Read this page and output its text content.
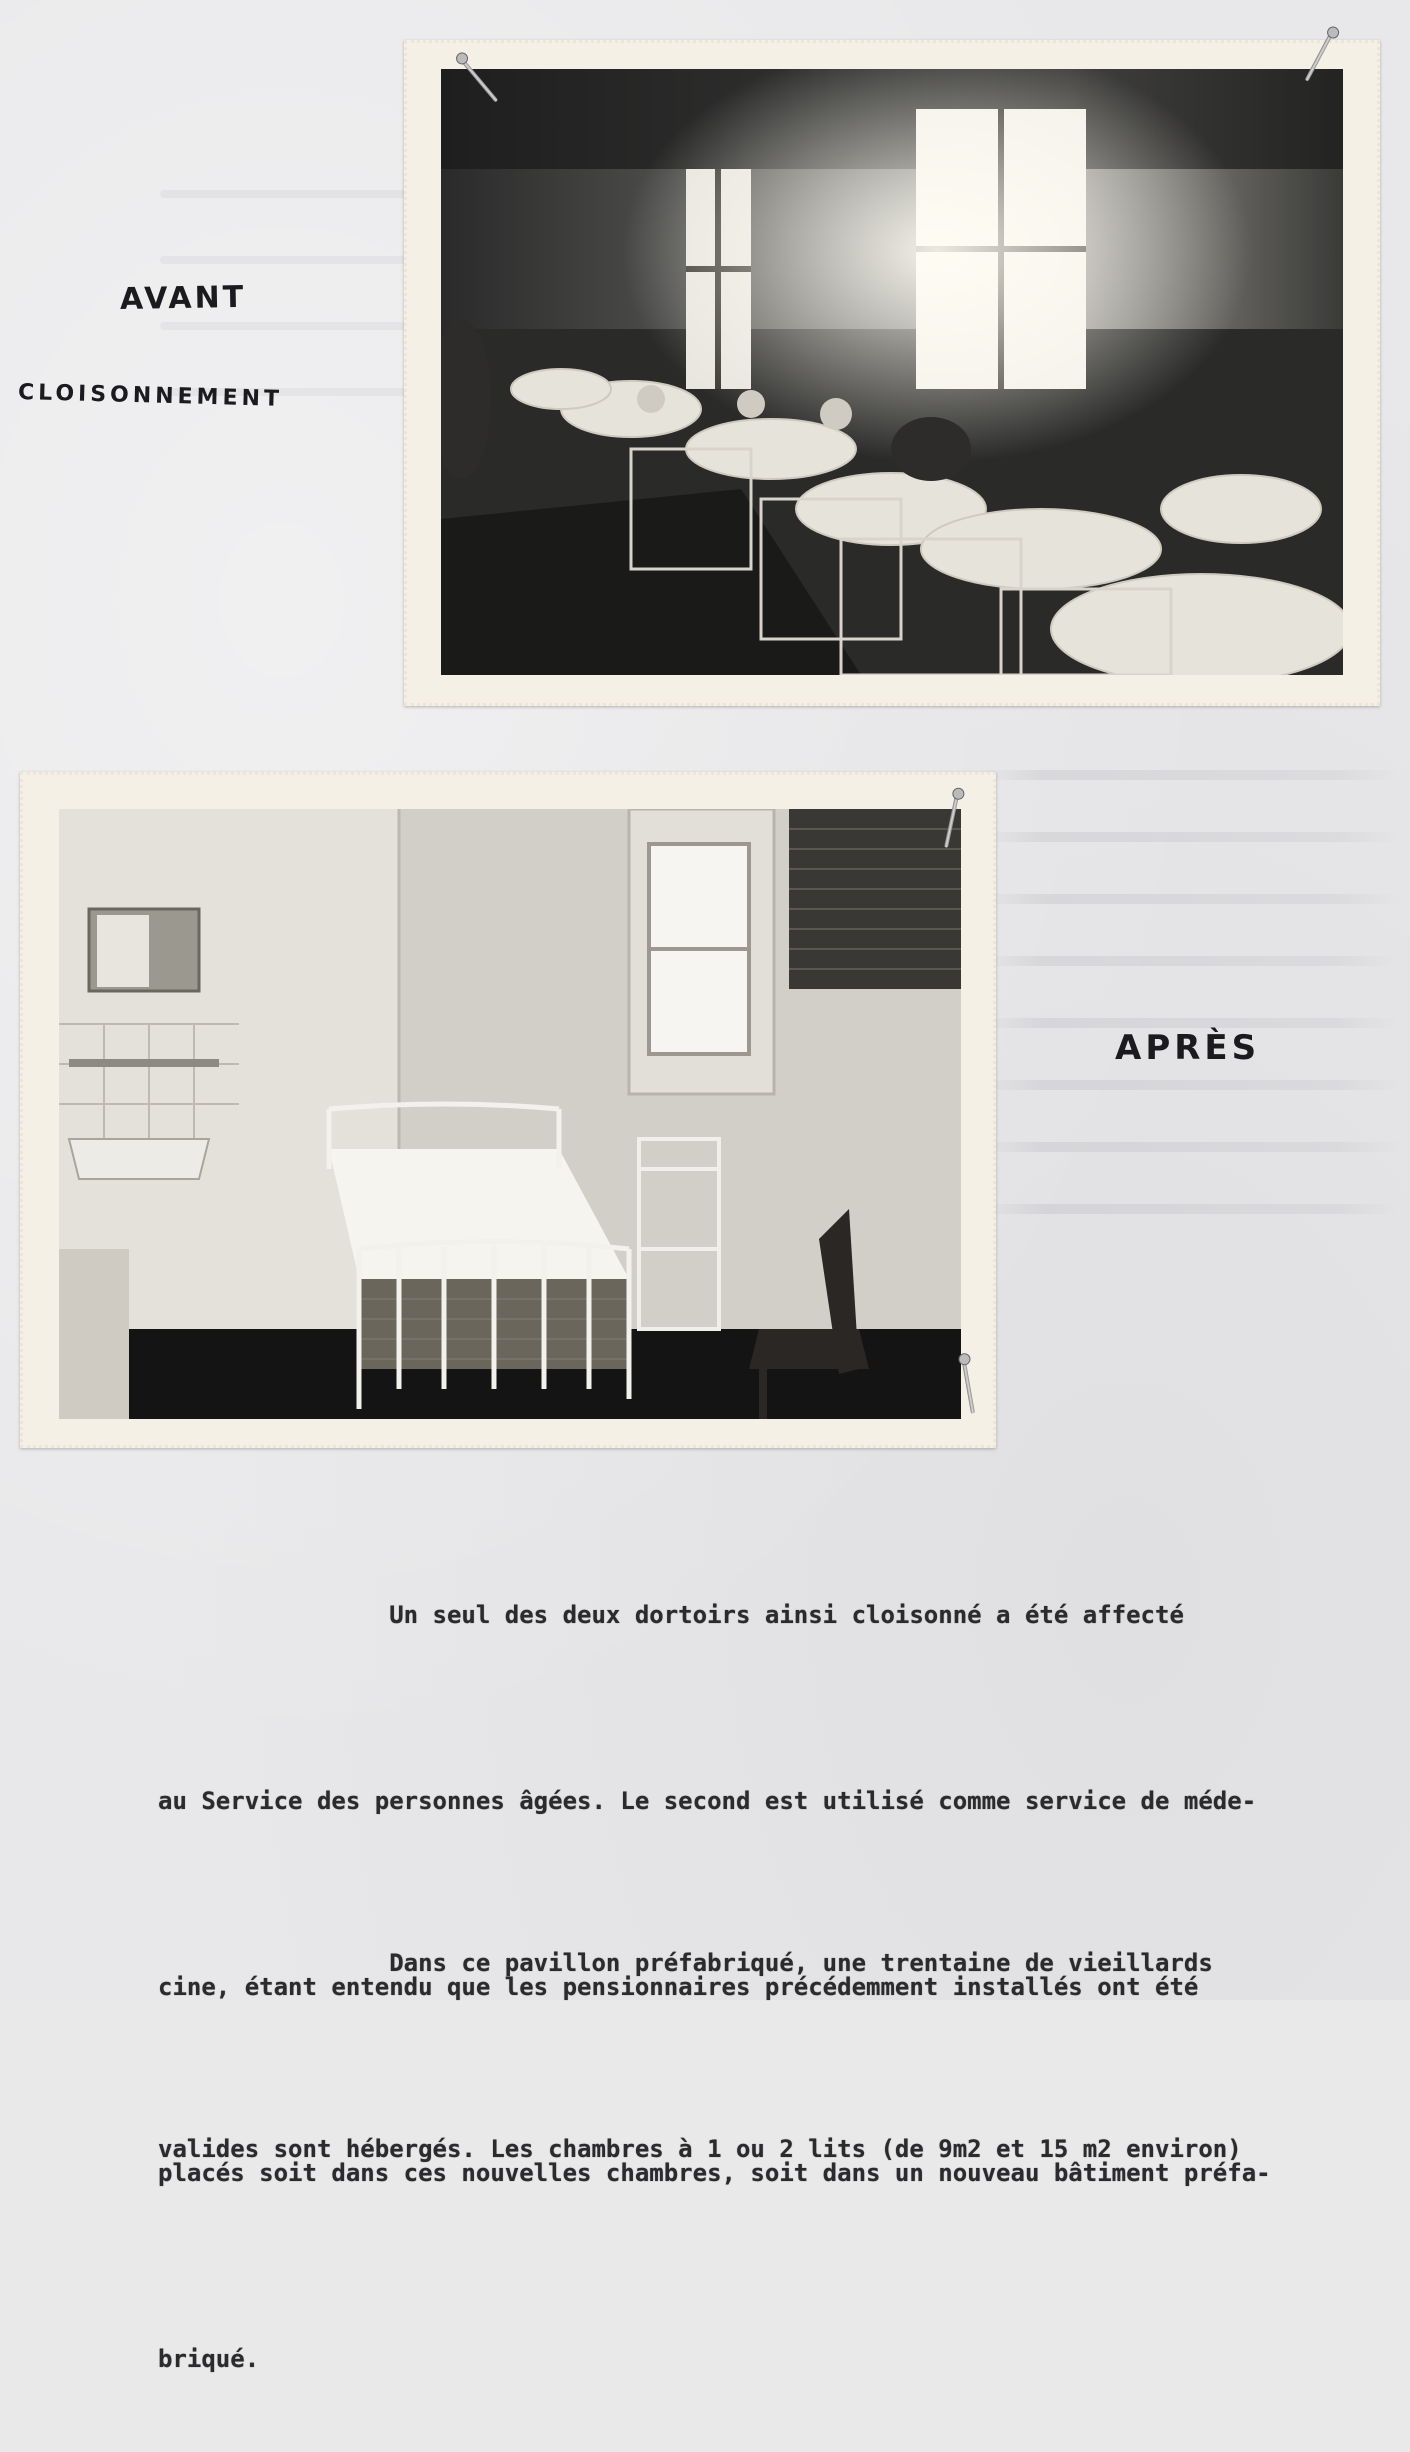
AVANT
CLOISONNEMENT
APRÈS

Un seul des deux dortoirs ainsi cloisonné a été affecté

au Service des personnes âgées. Le second est utilisé comme service de méde-

cine, étant entendu que les pensionnaires précédemment installés ont été

placés soit dans ces nouvelles chambres, soit dans un nouveau bâtiment préfa-

briqué.

Dans ce pavillon préfabriqué, une trentaine de vieillards

valides sont hébergés. Les chambres à 1 ou 2 lits (de 9m2 et 15 m2 environ)
